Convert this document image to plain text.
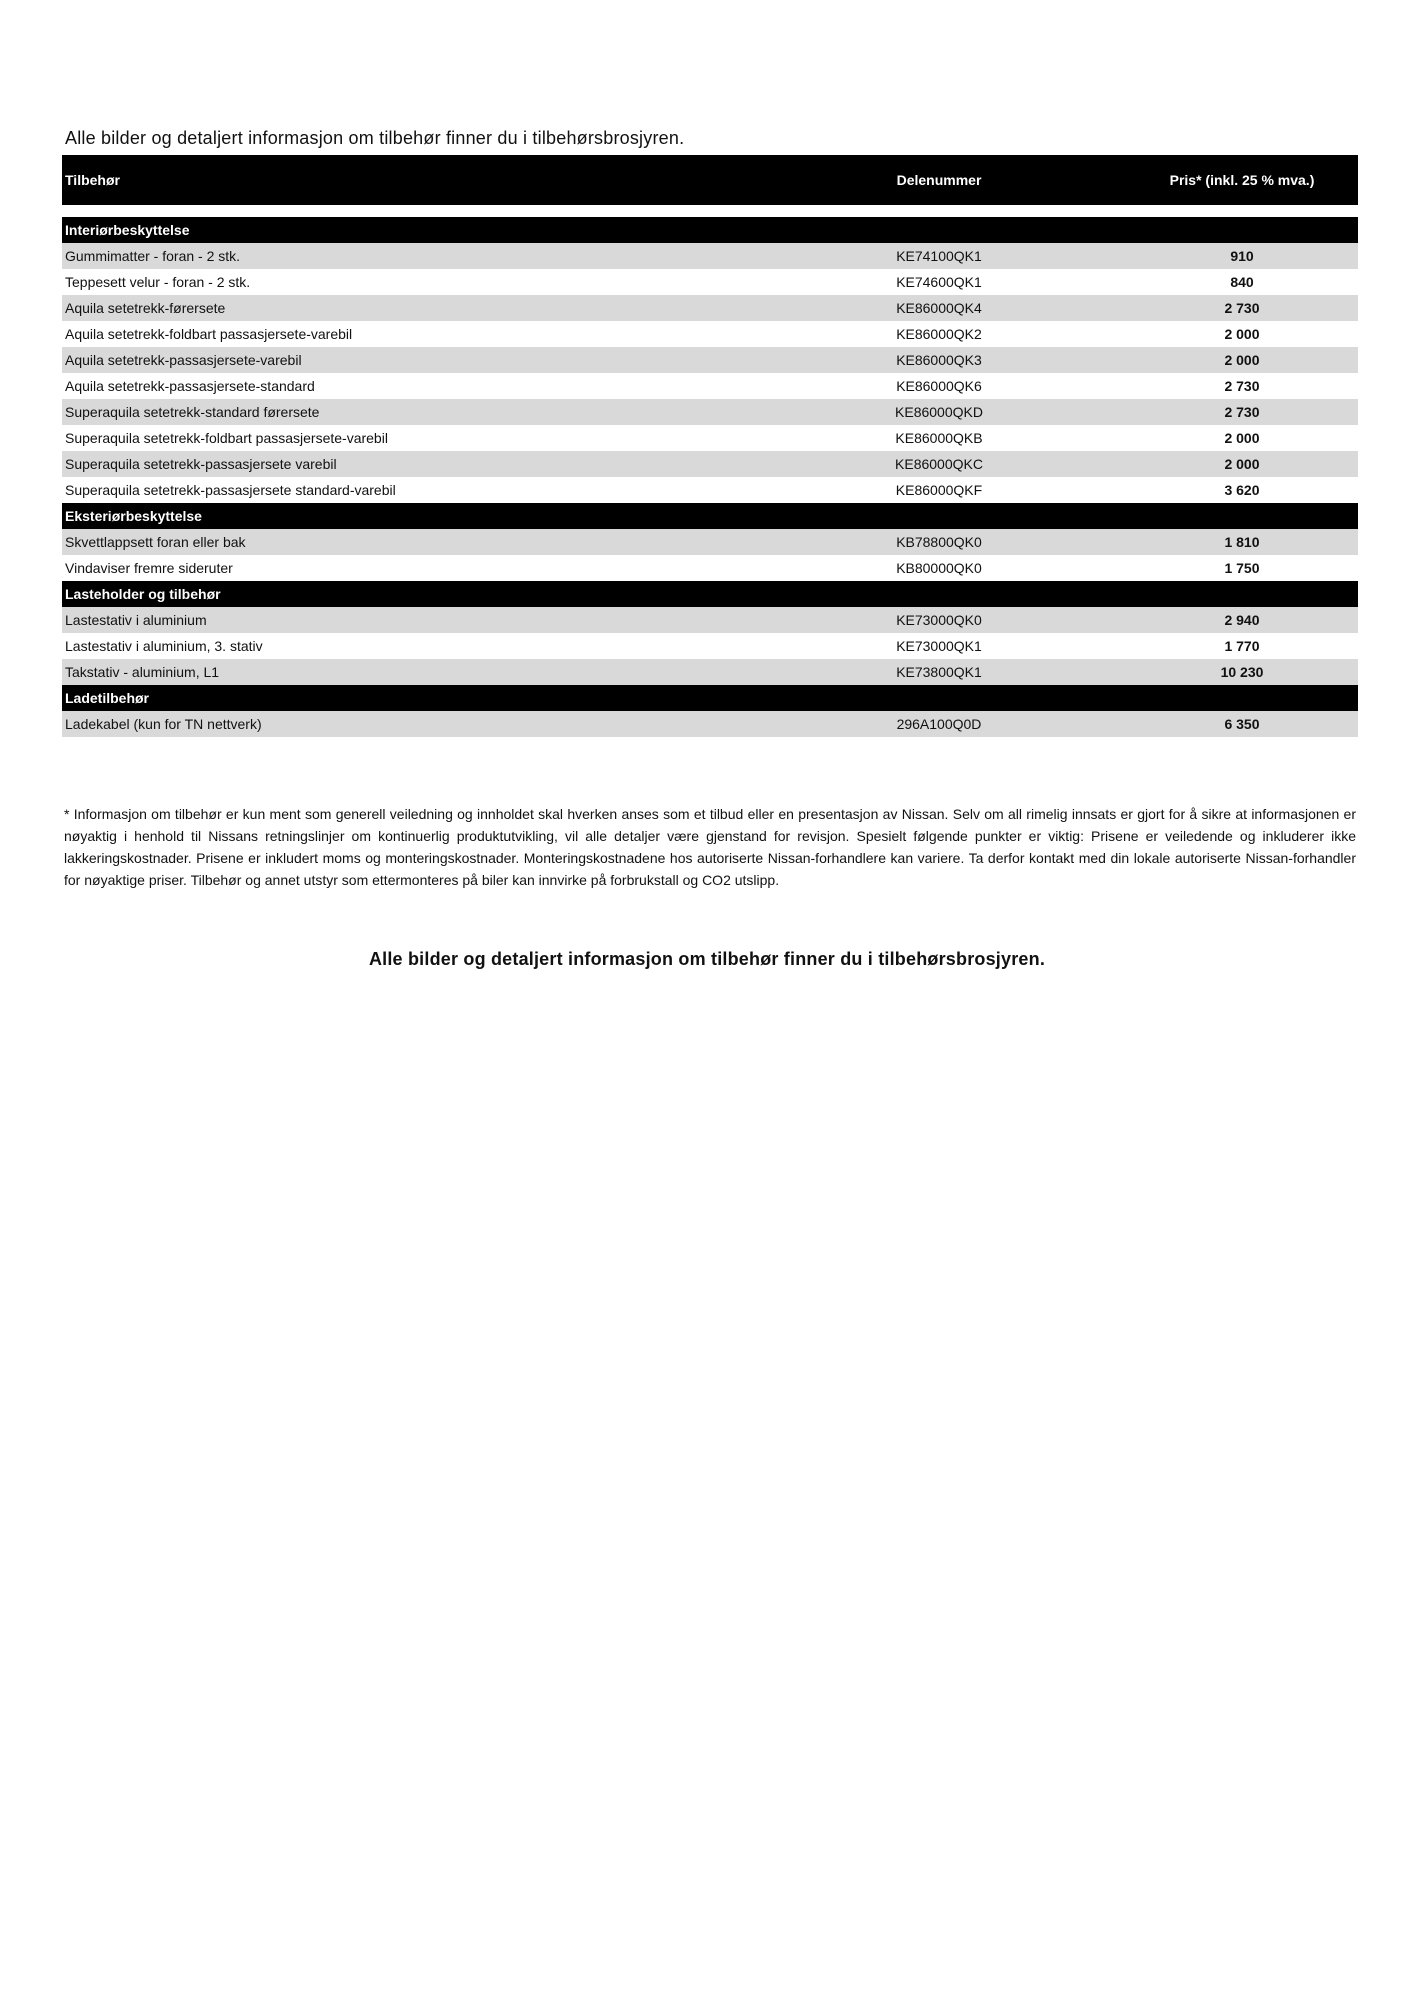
Alle bilder og detaljert informasjon om tilbehør finner du i tilbehørsbrosjyren.
Tilbehør	Delenummer	Pris* (inkl. 25 % mva.)
Interiørbeskyttelse
Gummimatter - foran - 2 stk.	KE74100QK1	910
Teppesett velur - foran - 2 stk.	KE74600QK1	840
Aquila setetrekk-førersete	KE86000QK4	2 730
Aquila setetrekk-foldbart passasjersete-varebil	KE86000QK2	2 000
Aquila setetrekk-passasjersete-varebil	KE86000QK3	2 000
Aquila setetrekk-passasjersete-standard	KE86000QK6	2 730
Superaquila setetrekk-standard førersete	KE86000QKD	2 730
Superaquila setetrekk-foldbart passasjersete-varebil	KE86000QKB	2 000
Superaquila setetrekk-passasjersete varebil	KE86000QKC	2 000
Superaquila setetrekk-passasjersete standard-varebil	KE86000QKF	3 620
Eksteriørbeskyttelse
Skvettlappsett foran eller bak	KB78800QK0	1 810
Vindaviser fremre sideruter	KB80000QK0	1 750
Lasteholder og tilbehør
Lastestativ i aluminium	KE73000QK0	2 940
Lastestativ i aluminium, 3. stativ	KE73000QK1	1 770
Takstativ - aluminium, L1	KE73800QK1	10 230
Ladetilbehør
Ladekabel (kun for TN nettverk)	296A100Q0D	6 350
* Informasjon om tilbehør er kun ment som generell veiledning og innholdet skal hverken anses som et tilbud eller en presentasjon av Nissan. Selv om all rimelig innsats er gjort for å sikre at informasjonen er nøyaktig i henhold til Nissans retningslinjer om kontinuerlig produktutvikling, vil alle detaljer være gjenstand for revisjon. Spesielt følgende punkter er viktig: Prisene er veiledende og inkluderer ikke lakkeringskostnader. Prisene er inkludert moms og monteringskostnader. Monteringskostnadene hos autoriserte Nissan-forhandlere kan variere. Ta derfor kontakt med din lokale autoriserte Nissan-forhandler for nøyaktige priser. Tilbehør og annet utstyr som ettermonteres på biler kan innvirke på forbrukstall og CO2 utslipp.
Alle bilder og detaljert informasjon om tilbehør finner du i tilbehørsbrosjyren.
